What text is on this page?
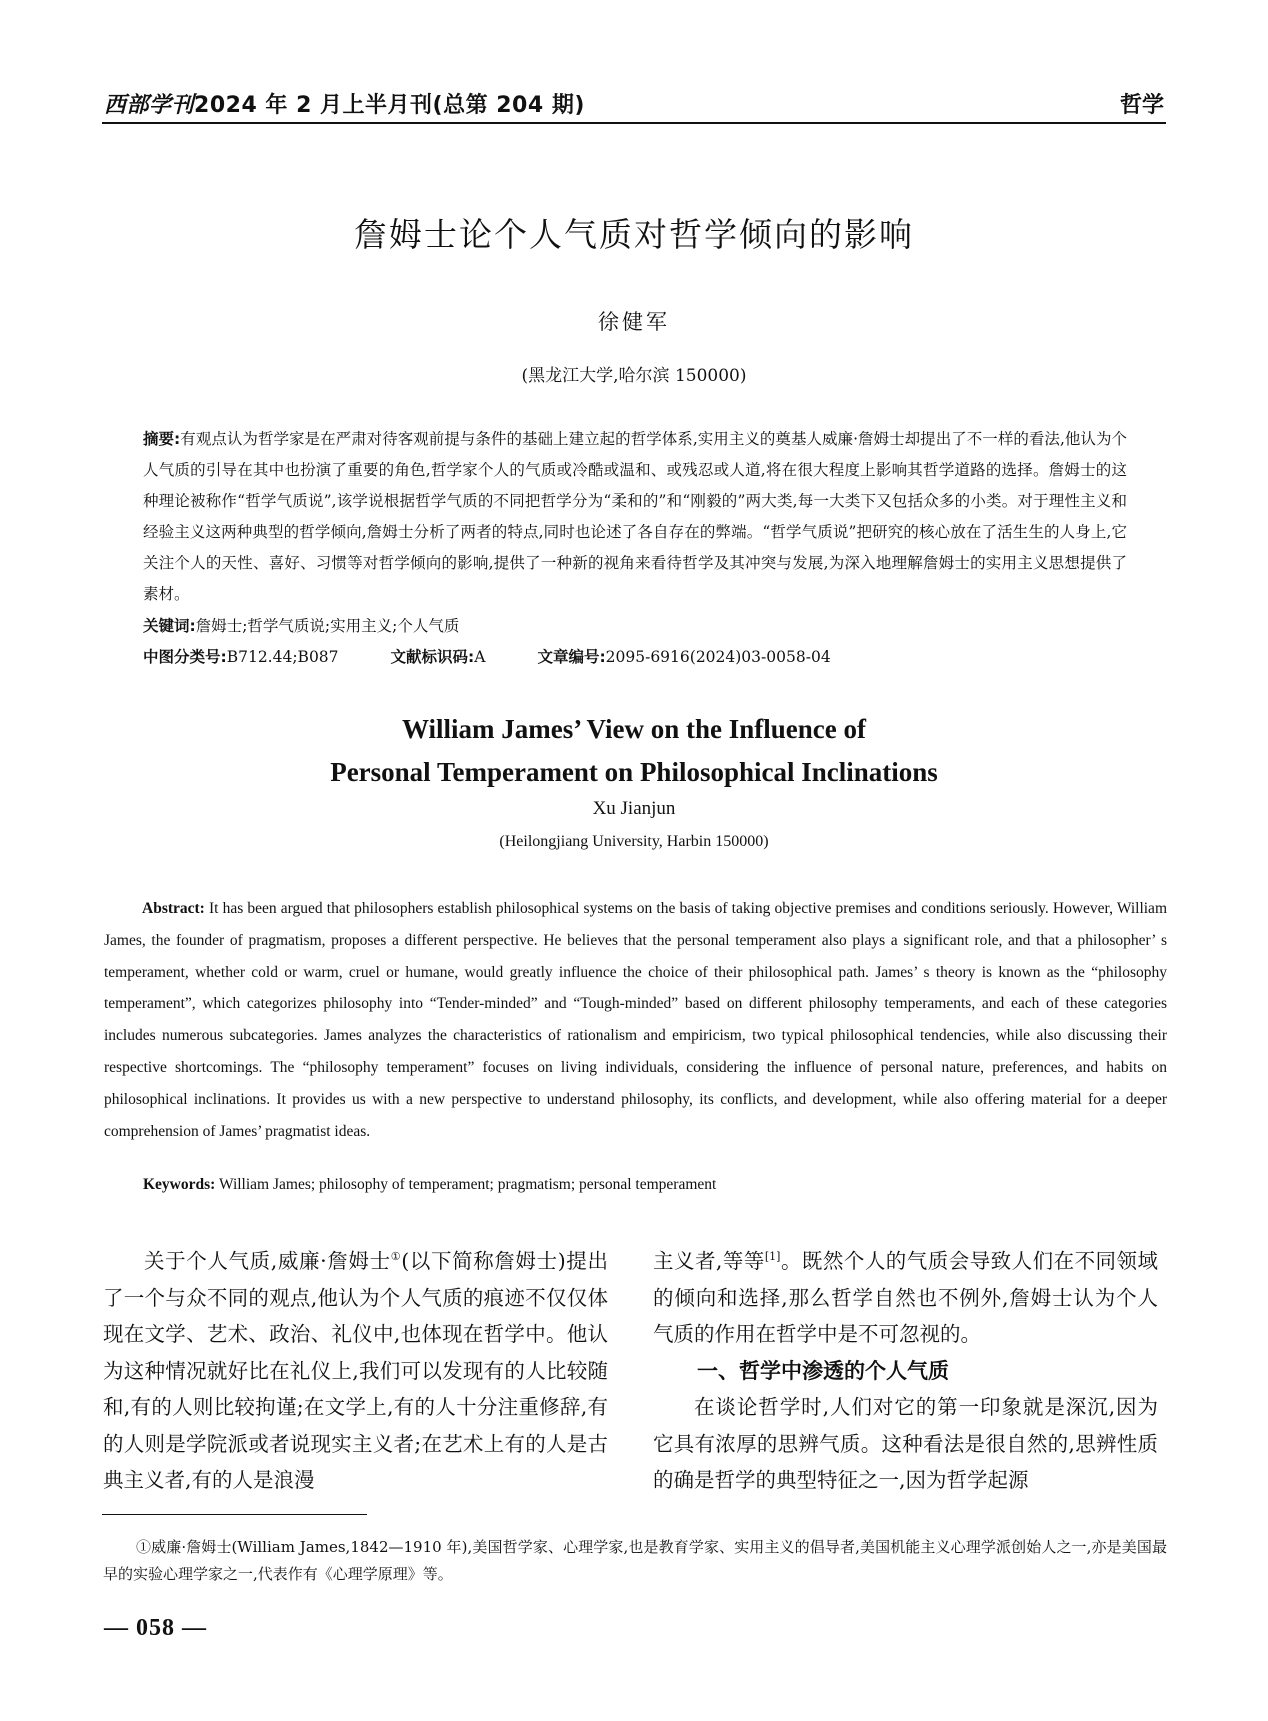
西部学刊2024 年 2 月上半月刊(总第 204 期)	哲学
詹姆士论个人气质对哲学倾向的影响
徐健军
(黑龙江大学,哈尔滨 150000)
摘要:有观点认为哲学家是在严肃对待客观前提与条件的基础上建立起的哲学体系,实用主义的奠基人威廉·詹姆士却提出了不一样的看法,他认为个人气质的引导在其中也扮演了重要的角色,哲学家个人的气质或冷酷或温和、或残忍或人道,将在很大程度上影响其哲学道路的选择。詹姆士的这种理论被称作“哲学气质说”,该学说根据哲学气质的不同把哲学分为“柔和的”和“刚毅的”两大类,每一大类下又包括众多的小类。对于理性主义和经验主义这两种典型的哲学倾向,詹姆士分析了两者的特点,同时也论述了各自存在的弊端。“哲学气质说”把研究的核心放在了活生生的人身上,它关注个人的天性、喜好、习惯等对哲学倾向的影响,提供了一种新的视角来看待哲学及其冲突与发展,为深入地理解詹姆士的实用主义思想提供了素材。
关键词:詹姆士;哲学气质说;实用主义;个人气质
中图分类号:B712.44;B087	文献标识码:A	文章编号:2095-6916(2024)03-0058-04
William James’ View on the Influence of
Personal Temperament on Philosophical Inclinations
Xu Jianjun
(Heilongjiang University, Harbin 150000)
Abstract: It has been argued that philosophers establish philosophical systems on the basis of taking objective premises and conditions seriously. However, William James, the founder of pragmatism, proposes a different perspective. He believes that the personal temperament also plays a significant role, and that a philosopher’ s temperament, whether cold or warm, cruel or humane, would greatly influence the choice of their philosophical path. James’ s theory is known as the “philosophy temperament”, which categorizes philosophy into “Tender-minded” and “Tough-minded” based on different philosophy temperaments, and each of these categories includes numerous subcategories. James analyzes the characteristics of rationalism and empiricism, two typical philosophical tendencies, while also discussing their respective shortcomings. The “philosophy temperament” focuses on living individuals, considering the influence of personal nature, preferences, and habits on philosophical inclinations. It provides us with a new perspective to understand philosophy, its conflicts, and development, while also offering material for a deeper comprehension of James’ pragmatist ideas.
Keywords: William James; philosophy of temperament; pragmatism; personal temperament
关于个人气质,威廉·詹姆士①(以下简称詹姆士)提出了一个与众不同的观点,他认为个人气质的痕迹不仅仅体现在文学、艺术、政治、礼仪中,也体现在哲学中。他认为这种情况就好比在礼仪上,我们可以发现有的人比较随和,有的人则比较拘谨;在文学上,有的人十分注重修辞,有的人则是学院派或者说现实主义者;在艺术上有的人是古典主义者,有的人是浪漫
主义者,等等[1]。既然个人的气质会导致人们在不同领域的倾向和选择,那么哲学自然也不例外,詹姆士认为个人气质的作用在哲学中是不可忽视的。
一、哲学中渗透的个人气质
在谈论哲学时,人们对它的第一印象就是深沉,因为它具有浓厚的思辨气质。这种看法是很自然的,思辨性质的确是哲学的典型特征之一,因为哲学起源
①威廉·詹姆士(William James,1842—1910 年),美国哲学家、心理学家,也是教育学家、实用主义的倡导者,美国机能主义心理学派创始人之一,亦是美国最早的实验心理学家之一,代表作有《心理学原理》等。
— 058 —
